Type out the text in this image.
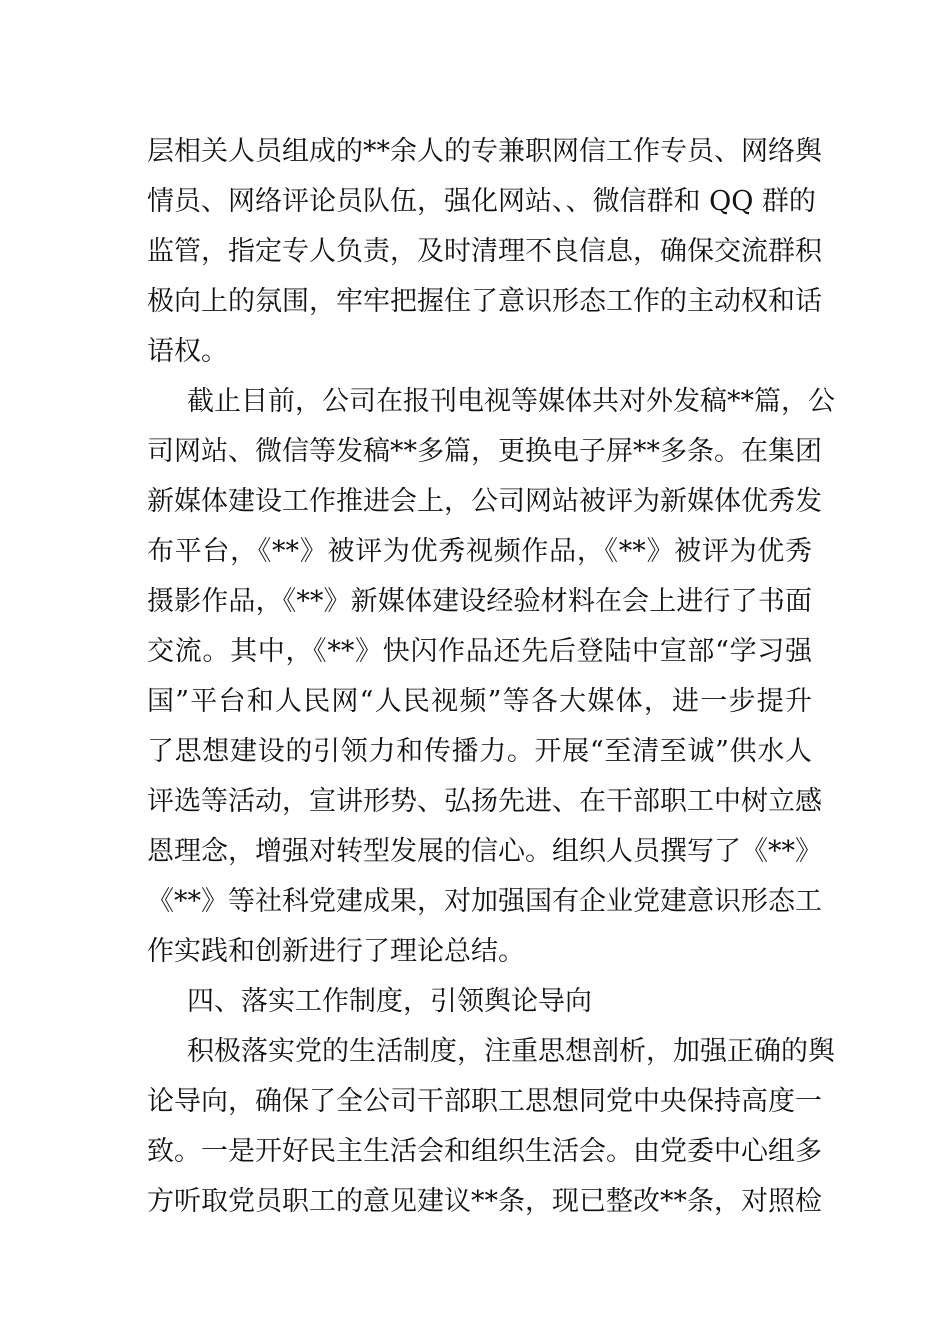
层相关人员组成的**余人的专兼职网信工作专员、网络舆
情员、网络评论员队伍，强化网站、、微信群和 QQ 群的
监管，指定专人负责，及时清理不良信息，确保交流群积
极向上的氛围，牢牢把握住了意识形态工作的主动权和话
语权。
截止目前，公司在报刊电视等媒体共对外发稿**篇，公
司网站、微信等发稿**多篇，更换电子屏**多条。在集团
新媒体建设工作推进会上，公司网站被评为新媒体优秀发
布平台，《**》被评为优秀视频作品，《**》被评为优秀
摄影作品，《**》新媒体建设经验材料在会上进行了书面
交流。其中，《**》快闪作品还先后登陆中宣部“学习强
国”平台和人民网“人民视频”等各大媒体，进一步提升
了思想建设的引领力和传播力。开展“至清至诚”供水人
评选等活动，宣讲形势、弘扬先进、在干部职工中树立感
恩理念，增强对转型发展的信心。组织人员撰写了《**》
《**》等社科党建成果，对加强国有企业党建意识形态工
作实践和创新进行了理论总结。
四、落实工作制度，引领舆论导向
积极落实党的生活制度，注重思想剖析，加强正确的舆
论导向，确保了全公司干部职工思想同党中央保持高度一
致。一是开好民主生活会和组织生活会。由党委中心组多
方听取党员职工的意见建议**条，现已整改**条，对照检
